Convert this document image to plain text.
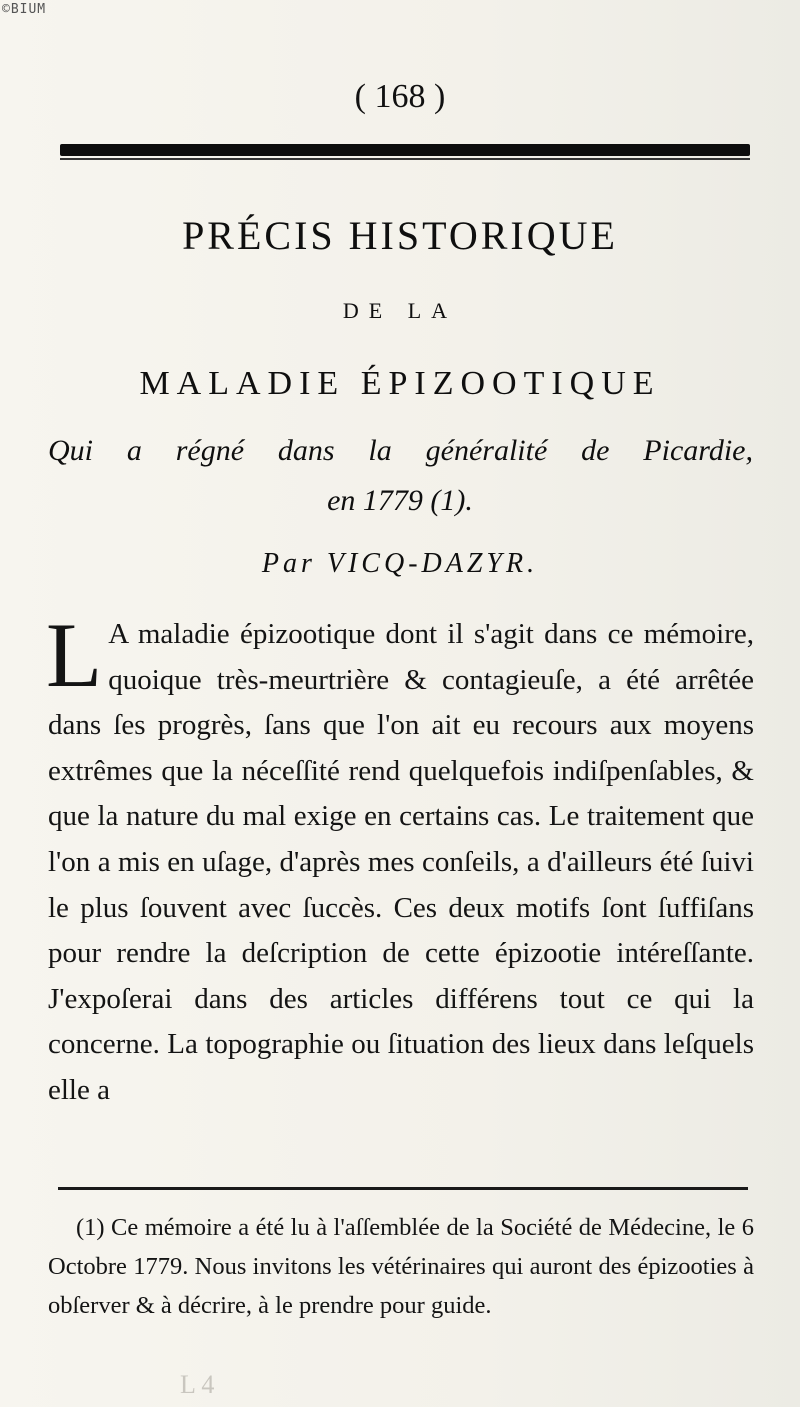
©BIUM
( 168 )
PRÉCIS HISTORIQUE
DE LA
MALADIE ÉPIZOOTIQUE
Qui a régné dans la généralité de Picardie,
en 1779 (1).
Par VICQ-DAZYR.
L A maladie épizootique dont il s'agit dans ce mémoire, quoique très-meurtrière & contagieuſe, a été arrêtée dans ſes progrès, ſans que l'on ait eu recours aux moyens extrêmes que la néceſſité rend quelquefois indiſpenſables, & que la nature du mal exige en certains cas. Le traitement que l'on a mis en uſage, d'après mes conſeils, a d'ailleurs été ſuivi le plus ſouvent avec ſuccès. Ces deux motifs ſont ſuffiſans pour rendre la deſcription de cette épizootie intéreſſante. J'expoſerai dans des articles différens tout ce qui la concerne. La topographie ou ſituation des lieux dans leſquels elle a
(1) Ce mémoire a été lu à l'aſſemblée de la Société de Médecine, le 6 Octobre 1779. Nous invitons les vétérinaires qui auront des épizooties à obſerver & à décrire, à le prendre pour guide.
L 4
